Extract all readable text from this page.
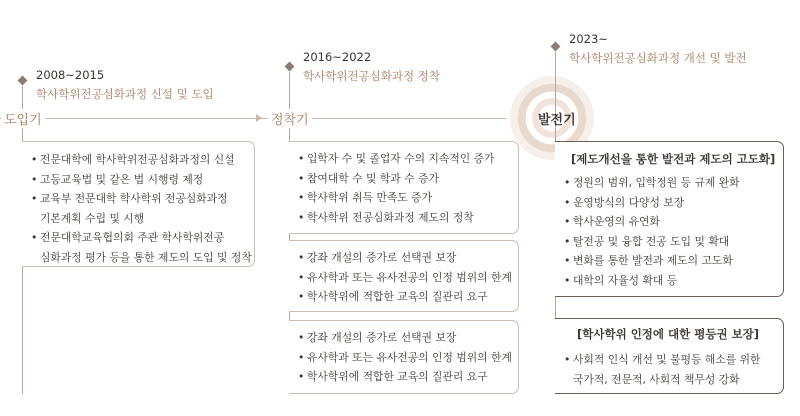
2008~2015
학사학위전공심화과정 신설 및 도입
도입기
• 전문대학에 학사학위전공심화과정의 신설
• 고등교육법 및 같은 법 시행령 제정
• 교육부 전문대학 학사학위 전공심화과정
기본계획 수립 및 시행
• 전문대학교육협의회 주관 학사학위전공
심화과정 평가 등을 통한 제도의 도입 및 정착
2016~2022
학사학위전공심화과정 정착
정착기
• 입학자 수 및 졸업자 수의 지속적인 증가
• 참여대학 수 및 학과 수 증가
• 학사학위 취득 만족도 증가
• 학사학위 전공심화과정 제도의 정착
• 강좌 개설의 증가로 선택권 보장
• 유사학과 또는 유사전공의 인정 범위의 한계
• 학사학위에 적합한 교육의 질관리 요구
• 강좌 개설의 증가로 선택권 보장
• 유사학과 또는 유사전공의 인정 범위의 한계
• 학사학위에 적합한 교육의 질관리 요구
2023~
학사학위전공심화과정 개선 및 발전
발전기
[제도개선을 통한 발전과 제도의 고도화]
• 정원의 범위, 입학정원 등 규제 완화
• 운영방식의 다양성 보장
• 학사운영의 유연화
• 탈전공 및 융합 전공 도입 및 확대
• 변화를 통한 발전과 제도의 고도화
• 대학의 자율성 확대 등
[학사학위 인정에 대한 평등권 보장]
• 사회적 인식 개선 및 불평등 해소를 위한
국가적, 전문적, 사회적 책무성 강화
